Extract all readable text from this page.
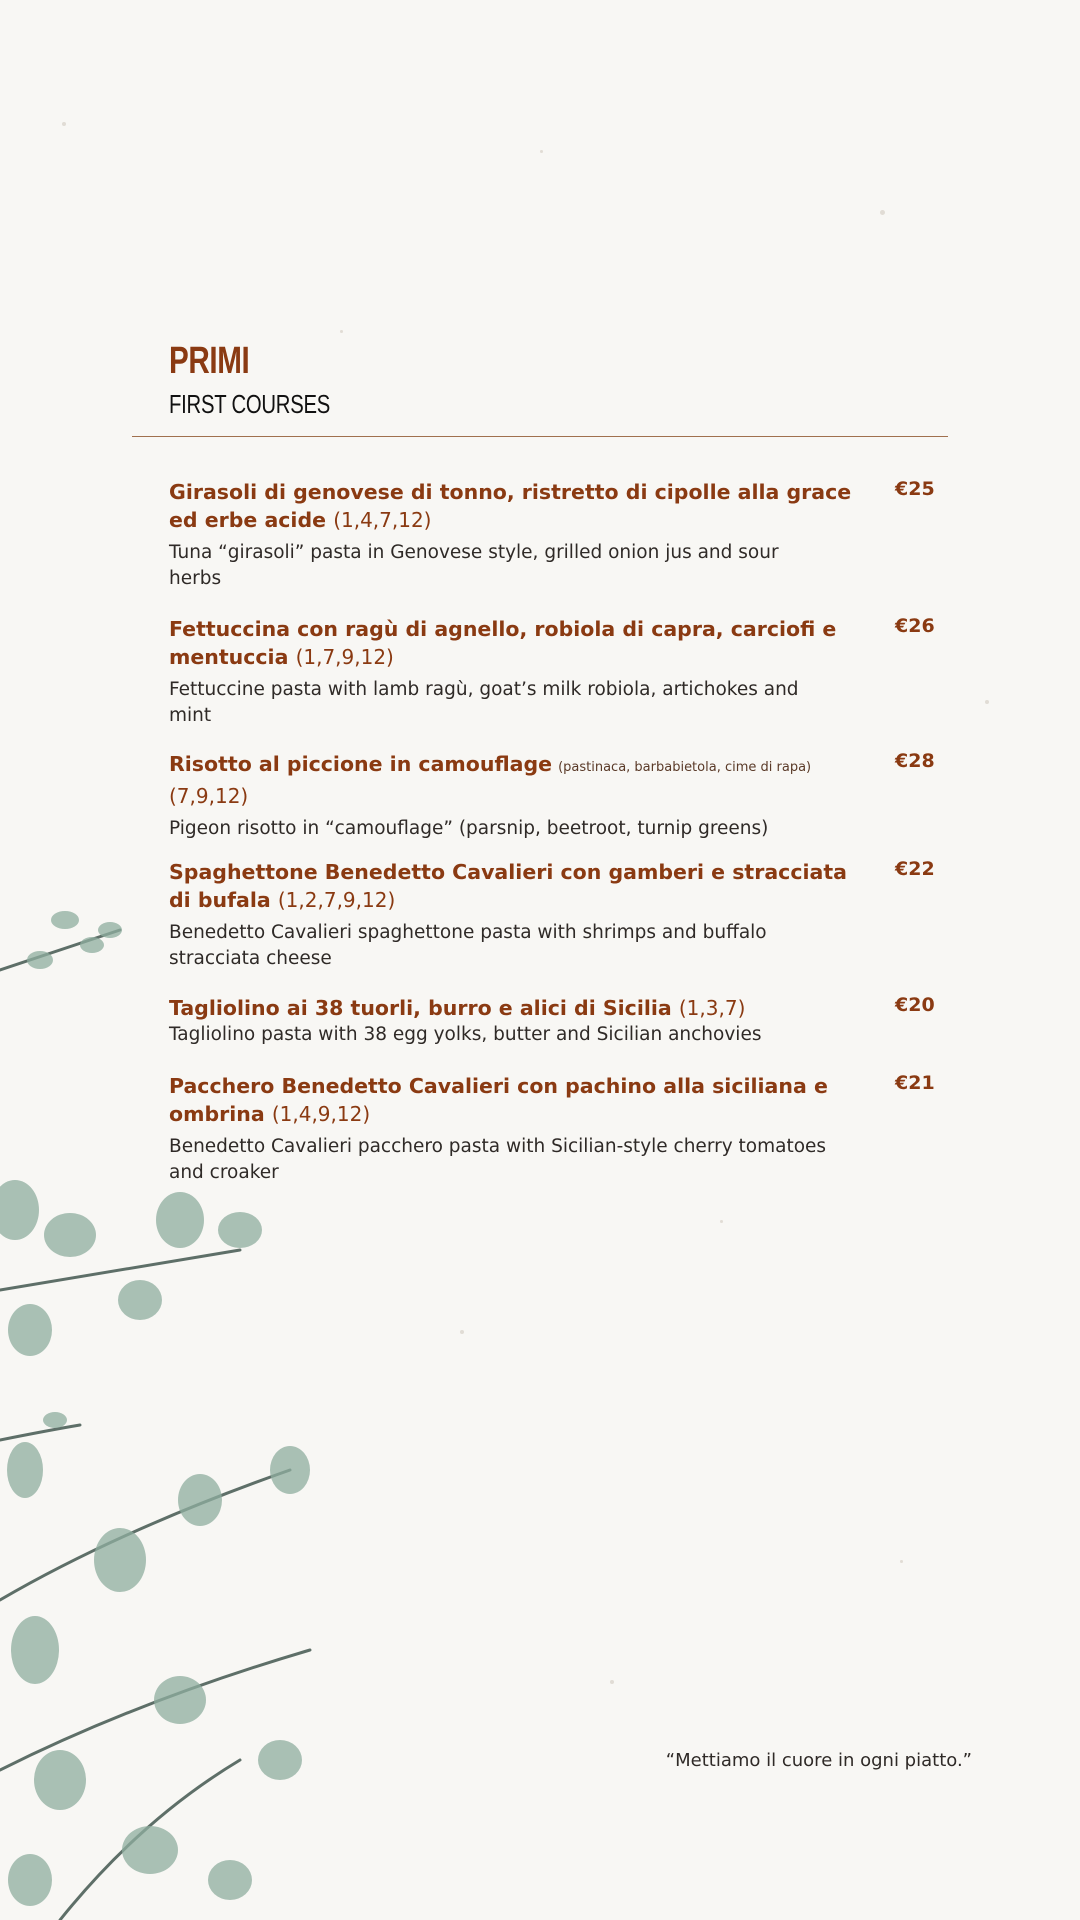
PRIMI
FIRST COURSES
Girasoli di genovese di tonno, ristretto di cipolle alla grace ed erbe acide (1,4,7,12)
Tuna “girasoli” pasta in Genovese style, grilled onion jus and sour herbs
€25
Fettuccina con ragù di agnello, robiola di capra, carciofi e mentuccia (1,7,9,12)
Fettuccine pasta with lamb ragù, goat’s milk robiola, artichokes and mint
€26
Risotto al piccione in camouflage (pastinaca, barbabietola, cime di rapa)
(7,9,12)
Pigeon risotto in “camouflage” (parsnip, beetroot, turnip greens)
€28
Spaghettone Benedetto Cavalieri con gamberi e stracciata di bufala (1,2,7,9,12)
Benedetto Cavalieri spaghettone pasta with shrimps and buffalo stracciata cheese
€22
Tagliolino ai 38 tuorli, burro e alici di Sicilia (1,3,7)
Tagliolino pasta with 38 egg yolks, butter and Sicilian anchovies
€20
Pacchero Benedetto Cavalieri con pachino alla siciliana e ombrina (1,4,9,12)
Benedetto Cavalieri pacchero pasta with Sicilian-style cherry tomatoes and croaker
€21
“Mettiamo il cuore in ogni piatto.”
